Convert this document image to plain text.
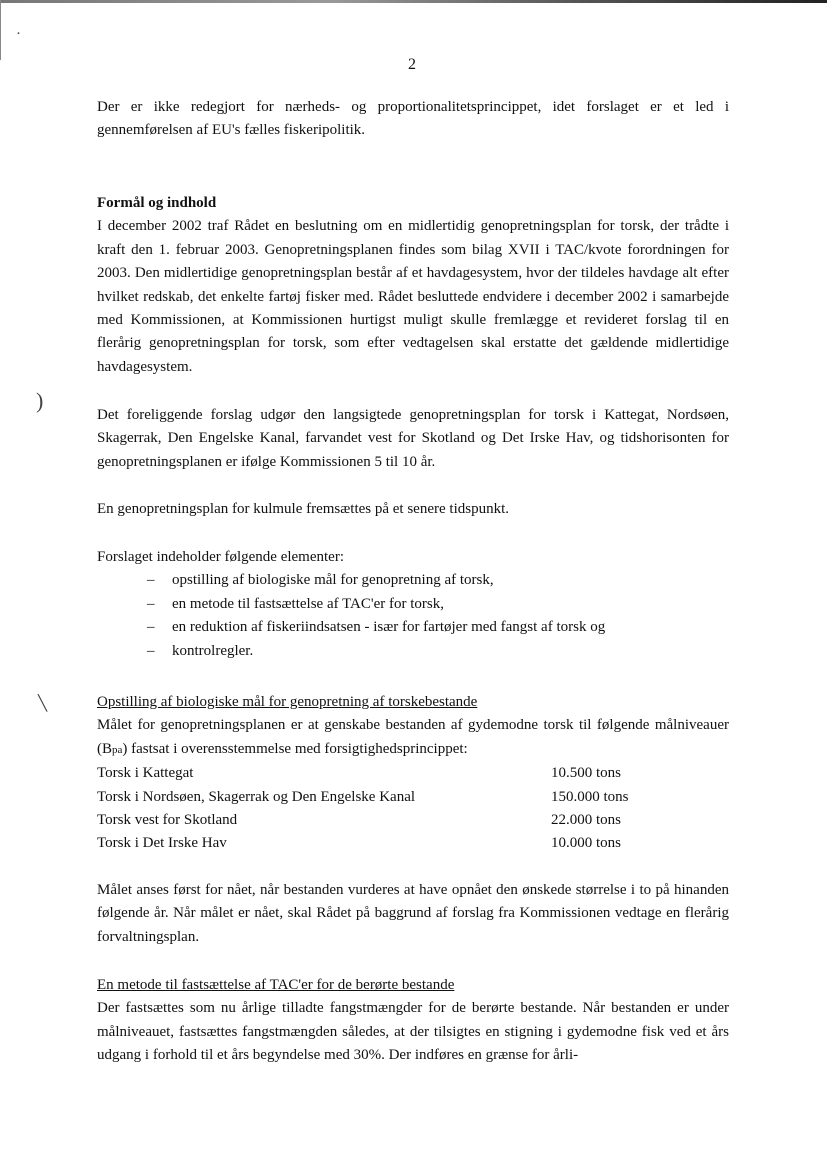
·
)
╲
2

Der er ikke redegjort for nærheds- og proportionalitetsprincippet, idet forslaget er et led i gennemførelsen af EU's fælles fiskeripolitik.

Formål og indhold

I december 2002 traf Rådet en beslutning om en midlertidig genopretningsplan for torsk, der trådte i kraft den 1. februar 2003. Genopretningsplanen findes som bilag XVII i TAC/kvote forordningen for 2003. Den midlertidige genopretningsplan består af et havdagesystem, hvor der tildeles havdage alt efter hvilket redskab, det enkelte fartøj fisker med. Rådet besluttede endvidere i december 2002 i samarbejde med Kommissionen, at Kommissionen hurtigst muligt skulle fremlægge et revideret forslag til en flerårig genopretningsplan for torsk, som efter vedtagelsen skal erstatte det gældende midlertidige havdagesystem.

Det foreliggende forslag udgør den langsigtede genopretningsplan for torsk i Kattegat, Nordsøen, Skagerrak, Den Engelske Kanal, farvandet vest for Skotland og Det Irske Hav, og tidshorisonten for genopretningsplanen er ifølge Kommissionen 5 til 10 år.

En genopretningsplan for kulmule fremsættes på et senere tidspunkt.

Forslaget indeholder følgende elementer:

– opstilling af biologiske mål for genopretning af torsk,
– en metode til fastsættelse af TAC'er for torsk,
– en reduktion af fiskeriindsatsen - især for fartøjer med fangst af torsk og
– kontrolregler.
Opstilling af biologiske mål for genopretning af torskebestande

Målet for genopretningsplanen er at genskabe bestanden af gydemodne torsk til følgende målniveauer (Bpa) fastsat i overensstemmelse med forsigtighedsprincippet:

Torsk i Kattegat	10.500 tons
Torsk i Nordsøen, Skagerrak og Den Engelske Kanal	150.000 tons
Torsk vest for Skotland	22.000 tons
Torsk i Det Irske Hav	10.000 tons

Målet anses først for nået, når bestanden vurderes at have opnået den ønskede størrelse i to på hinanden følgende år. Når målet er nået, skal Rådet på baggrund af forslag fra Kommissionen vedtage en flerårig forvaltningsplan.

En metode til fastsættelse af TAC'er for de berørte bestande

Der fastsættes som nu årlige tilladte fangstmængder for de berørte bestande. Når bestanden er under målniveauet, fastsættes fangstmængden således, at der tilsigtes en stigning i gydemodne fisk ved et års udgang i forhold til et års begyndelse med 30%. Der indføres en grænse for årli-
